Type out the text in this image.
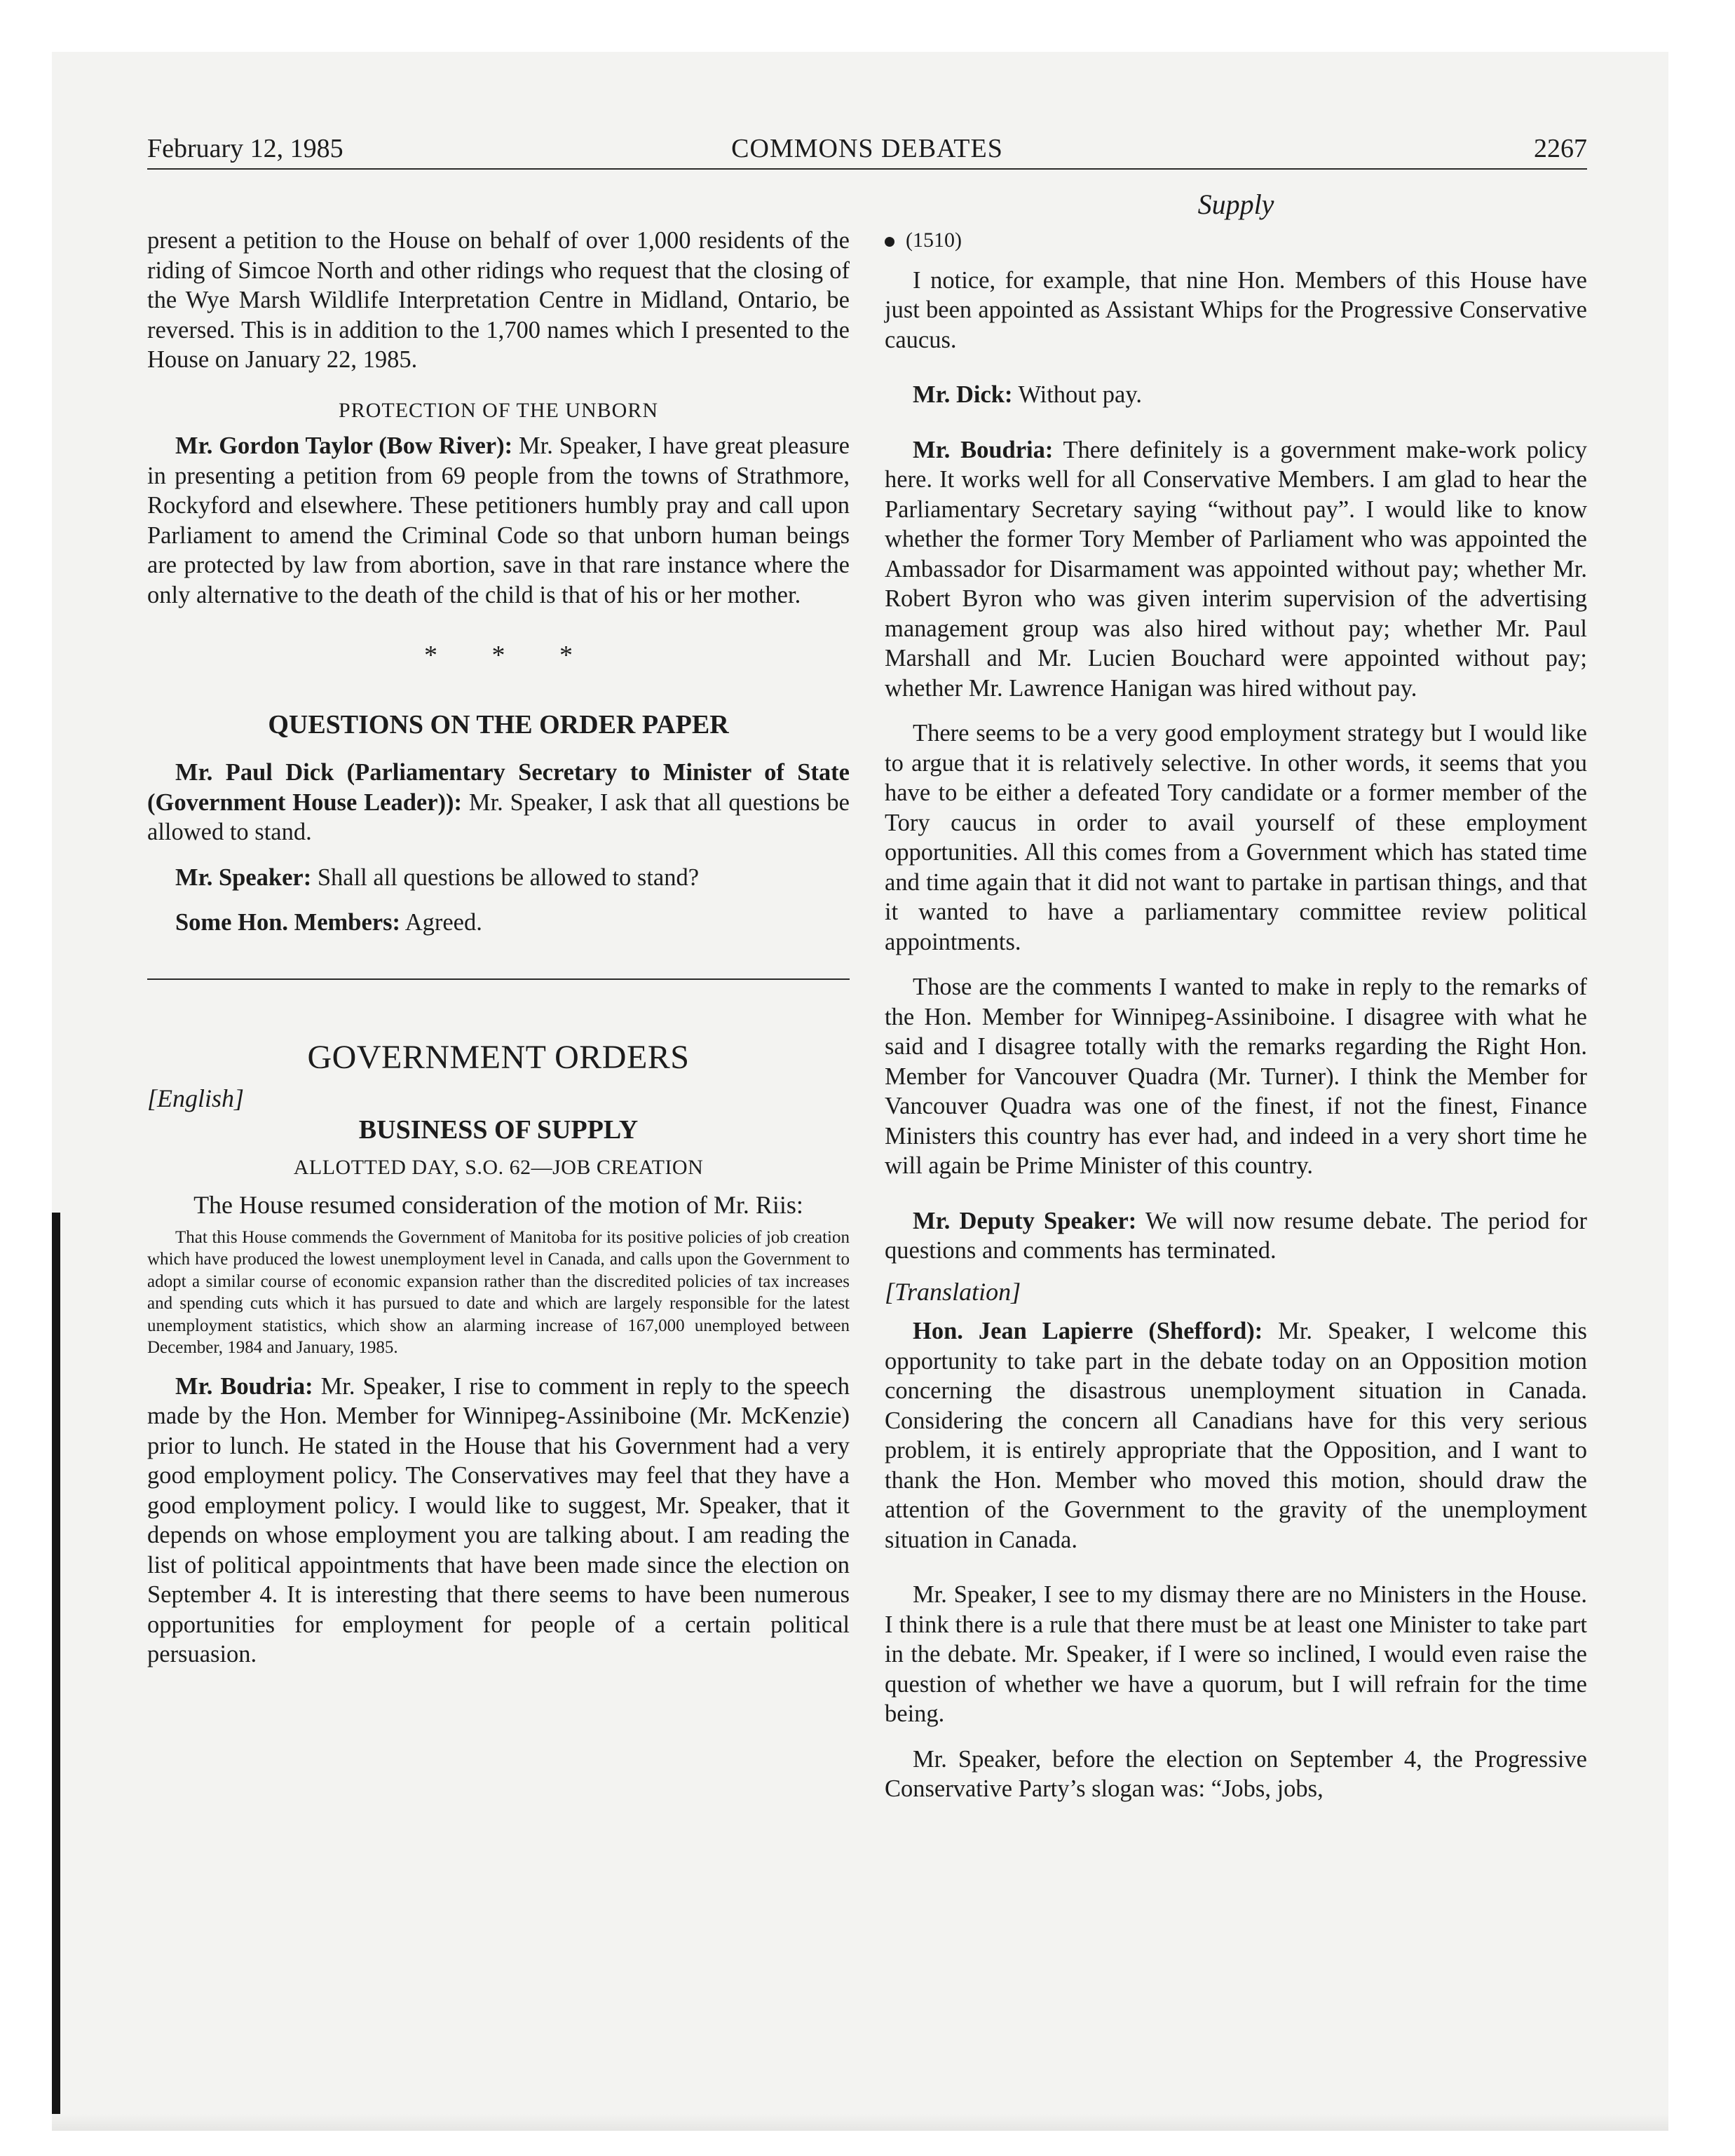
February 12, 1985	COMMONS DEBATES	2267
Supply

present a petition to the House on behalf of over 1,000 residents of the riding of Simcoe North and other ridings who request that the closing of the Wye Marsh Wildlife Interpretation Centre in Midland, Ontario, be reversed. This is in addition to the 1,700 names which I presented to the House on January 22, 1985.

PROTECTION OF THE UNBORN

Mr. Gordon Taylor (Bow River): Mr. Speaker, I have great pleasure in presenting a petition from 69 people from the towns of Strathmore, Rockyford and elsewhere. These petitioners humbly pray and call upon Parliament to amend the Criminal Code so that unborn human beings are protected by law from abortion, save in that rare instance where the only alternative to the death of the child is that of his or her mother.

* * *

QUESTIONS ON THE ORDER PAPER

Mr. Paul Dick (Parliamentary Secretary to Minister of State (Government House Leader)): Mr. Speaker, I ask that all questions be allowed to stand.

Mr. Speaker: Shall all questions be allowed to stand?

Some Hon. Members: Agreed.

GOVERNMENT ORDERS

[English]

BUSINESS OF SUPPLY

ALLOTTED DAY, S.O. 62—JOB CREATION

The House resumed consideration of the motion of Mr. Riis:

That this House commends the Government of Manitoba for its positive policies of job creation which have produced the lowest unemployment level in Canada, and calls upon the Government to adopt a similar course of economic expansion rather than the discredited policies of tax increases and spending cuts which it has pursued to date and which are largely responsible for the latest unemployment statistics, which show an alarming increase of 167,000 unemployed between December, 1984 and January, 1985.

Mr. Boudria: Mr. Speaker, I rise to comment in reply to the speech made by the Hon. Member for Winnipeg-Assiniboine (Mr. McKenzie) prior to lunch. He stated in the House that his Government had a very good employment policy. The Conservatives may feel that they have a good employment policy. I would like to suggest, Mr. Speaker, that it depends on whose employment you are talking about. I am reading the list of political appointments that have been made since the election on September 4. It is interesting that there seems to have been numerous opportunities for employment for people of a certain political persuasion.

(1510)

I notice, for example, that nine Hon. Members of this House have just been appointed as Assistant Whips for the Progressive Conservative caucus.

Mr. Dick: Without pay.

Mr. Boudria: There definitely is a government make-work policy here. It works well for all Conservative Members. I am glad to hear the Parliamentary Secretary saying “without pay”. I would like to know whether the former Tory Member of Parliament who was appointed the Ambassador for Disarmament was appointed without pay; whether Mr. Robert Byron who was given interim supervision of the advertising management group was also hired without pay; whether Mr. Paul Marshall and Mr. Lucien Bouchard were appointed without pay; whether Mr. Lawrence Hanigan was hired without pay.

There seems to be a very good employment strategy but I would like to argue that it is relatively selective. In other words, it seems that you have to be either a defeated Tory candidate or a former member of the Tory caucus in order to avail yourself of these employment opportunities. All this comes from a Government which has stated time and time again that it did not want to partake in partisan things, and that it wanted to have a parliamentary committee review political appointments.

Those are the comments I wanted to make in reply to the remarks of the Hon. Member for Winnipeg-Assiniboine. I disagree with what he said and I disagree totally with the remarks regarding the Right Hon. Member for Vancouver Quadra (Mr. Turner). I think the Member for Vancouver Quadra was one of the finest, if not the finest, Finance Ministers this country has ever had, and indeed in a very short time he will again be Prime Minister of this country.

Mr. Deputy Speaker: We will now resume debate. The period for questions and comments has terminated.

[Translation]

Hon. Jean Lapierre (Shefford): Mr. Speaker, I welcome this opportunity to take part in the debate today on an Opposition motion concerning the disastrous unemployment situation in Canada. Considering the concern all Canadians have for this very serious problem, it is entirely appropriate that the Opposition, and I want to thank the Hon. Member who moved this motion, should draw the attention of the Government to the gravity of the unemployment situation in Canada.

Mr. Speaker, I see to my dismay there are no Ministers in the House. I think there is a rule that there must be at least one Minister to take part in the debate. Mr. Speaker, if I were so inclined, I would even raise the question of whether we have a quorum, but I will refrain for the time being.

Mr. Speaker, before the election on September 4, the Progressive Conservative Party’s slogan was: “Jobs, jobs,
